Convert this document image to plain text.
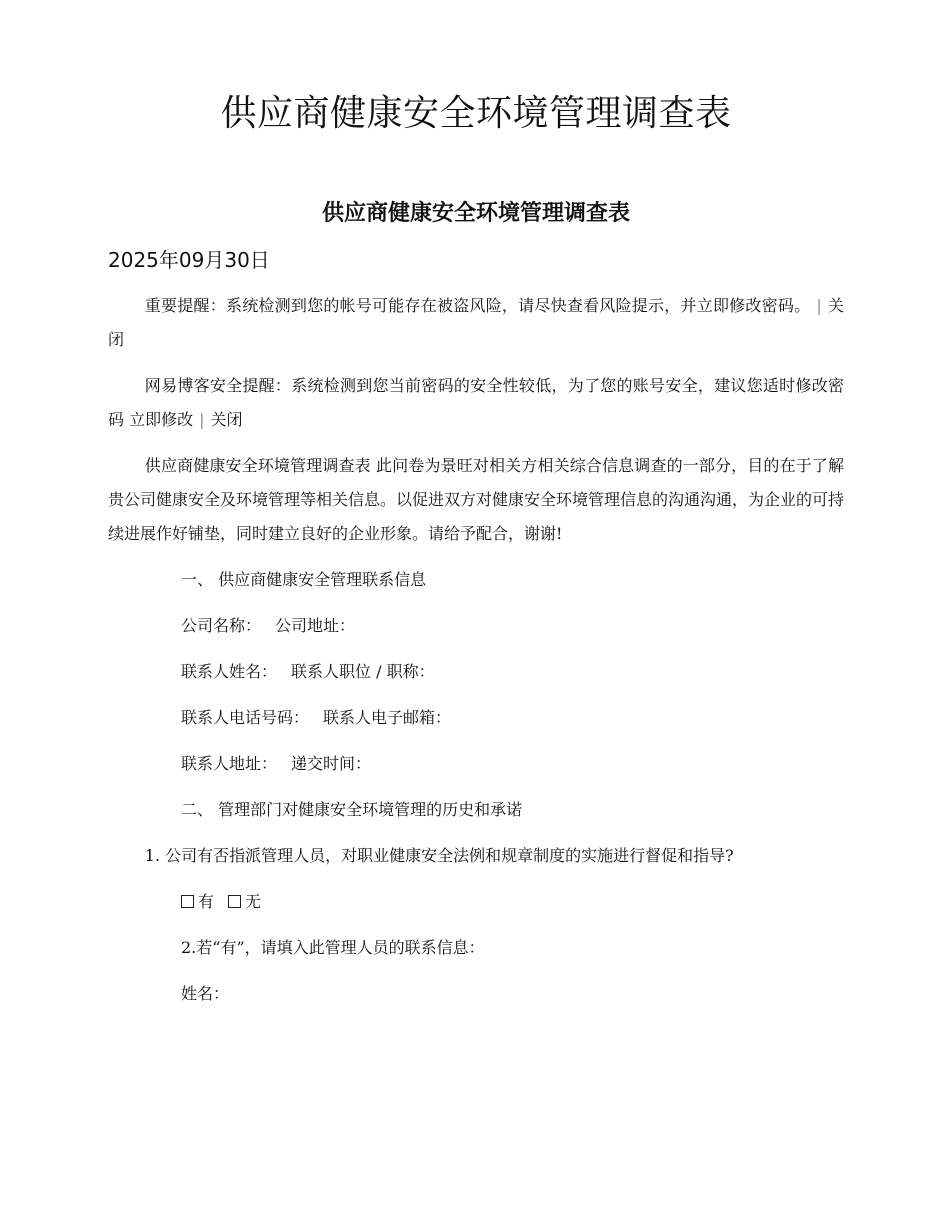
供应商健康安全环境管理调查表
供应商健康安全环境管理调查表

2025年09月30日

重要提醒：系统检测到您的帐号可能存在被盗风险，请尽快查看风险提示，并立即修改密码。 | 关闭

网易博客安全提醒：系统检测到您当前密码的安全性较低，为了您的账号安全，建议您适时修改密码 立即修改 | 关闭

供应商健康安全环境管理调查表 此问卷为景旺对相关方相关综合信息调查的一部分，目的在于了解贵公司健康安全及环境管理等相关信息。以促进双方对健康安全环境管理信息的沟通沟通，为企业的可持续进展作好铺垫，同时建立良好的企业形象。请给予配合，谢谢!

一、 供应商健康安全管理联系信息

公司名称： 公司地址：

联系人姓名： 联系人职位 / 职称：

联系人电话号码： 联系人电子邮箱：

联系人地址： 递交时间：

二、 管理部门对健康安全环境管理的历史和承诺

1. 公司有否指派管理人员，对职业健康安全法例和规章制度的实施进行督促和指导?

有 无

2.若“有”，请填入此管理人员的联系信息：

姓名：
